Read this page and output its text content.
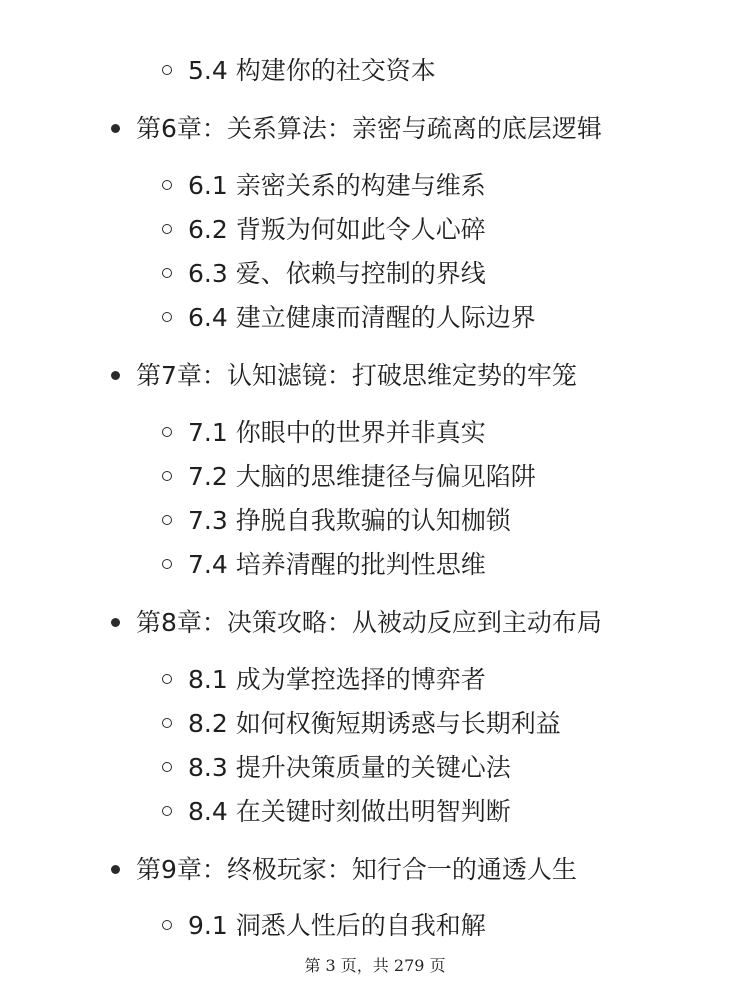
5.4 构建你的社交资本
第6章：关系算法：亲密与疏离的底层逻辑
6.1 亲密关系的构建与维系
6.2 背叛为何如此令人心碎
6.3 爱、依赖与控制的界线
6.4 建立健康而清醒的人际边界
第7章：认知滤镜：打破思维定势的牢笼
7.1 你眼中的世界并非真实
7.2 大脑的思维捷径与偏见陷阱
7.3 挣脱自我欺骗的认知枷锁
7.4 培养清醒的批判性思维
第8章：决策攻略：从被动反应到主动布局
8.1 成为掌控选择的博弈者
8.2 如何权衡短期诱惑与长期利益
8.3 提升决策质量的关键心法
8.4 在关键时刻做出明智判断
第9章：终极玩家：知行合一的通透人生
9.1 洞悉人性后的自我和解
第 3 页，共 279 页
